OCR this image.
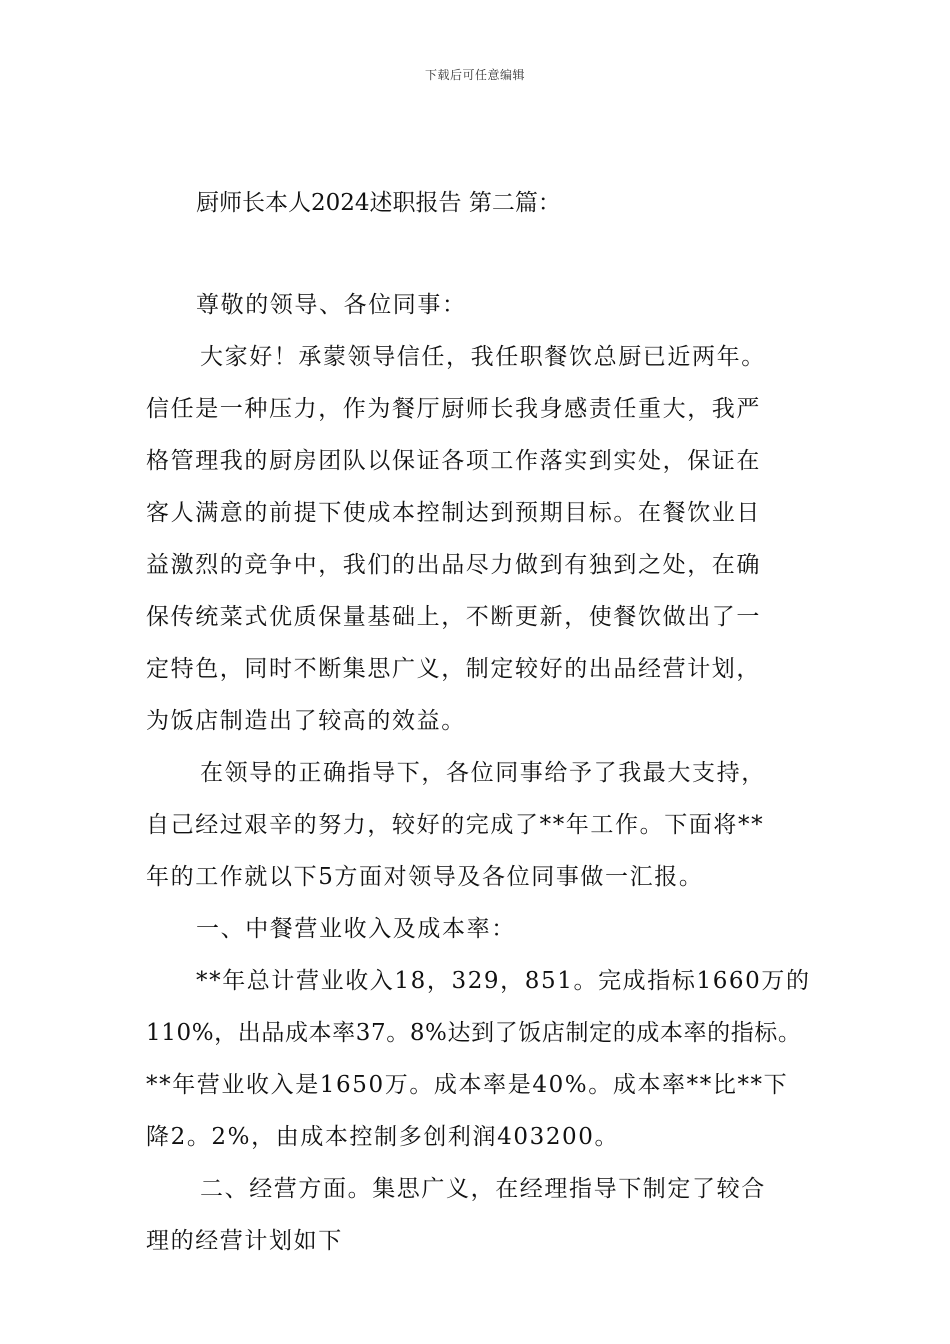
下载后可任意编辑
厨师长本人2024述职报告 第二篇：
尊敬的领导、各位同事：
大家好！承蒙领导信任，我任职餐饮总厨已近两年。
信任是一种压力，作为餐厅厨师长我身感责任重大，我严
格管理我的厨房团队以保证各项工作落实到实处，保证在
客人满意的前提下使成本控制达到预期目标。在餐饮业日
益激烈的竞争中，我们的出品尽力做到有独到之处，在确
保传统菜式优质保量基础上，不断更新，使餐饮做出了一
定特色，同时不断集思广义，制定较好的出品经营计划，
为饭店制造出了较高的效益。
在领导的正确指导下，各位同事给予了我最大支持，
自己经过艰辛的努力，较好的完成了**年工作。下面将**
年的工作就以下5方面对领导及各位同事做一汇报。
一、中餐营业收入及成本率：
**年总计营业收入18，329，851。完成指标1660万的
110%，出品成本率37。8%达到了饭店制定的成本率的指标。
**年营业收入是1650万。成本率是40%。成本率**比**下
降2。2%，由成本控制多创利润403200。
二、经营方面。集思广义，在经理指导下制定了较合
理的经营计划如下
